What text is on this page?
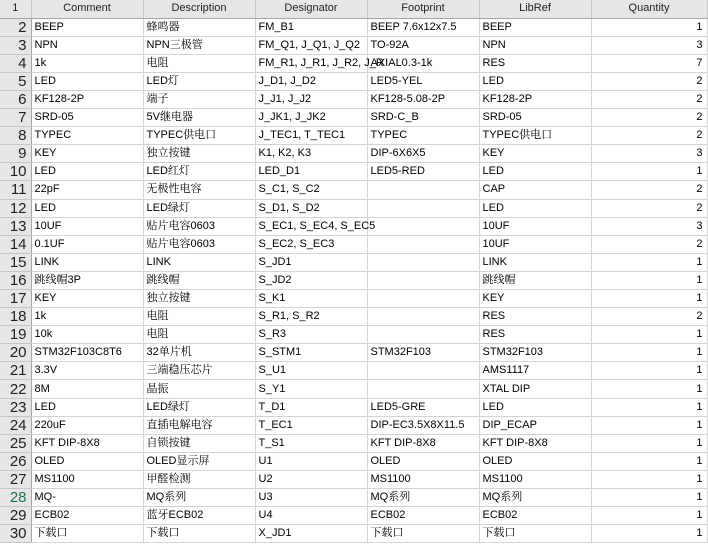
1	Comment	Description	Designator	Footprint	LibRef	Quantity
2	BEEP	蜂鸣器	FM_B1	BEEP 7.6x12x7.5	BEEP	1
3	NPN	NPN三极管	FM_Q1, J_Q1, J_Q2	TO-92A	NPN	3
4	1k	电阻	FM_R1, J_R1, J_R2, J_R	AXIAL0.3-1k	RES	7
5	LED	LED灯	J_D1, J_D2	LED5-YEL	LED	2
6	KF128-2P	端子	J_J1, J_J2	KF128-5.08-2P	KF128-2P	2
7	SRD-05	5V继电器	J_JK1, J_JK2	SRD-C_B	SRD-05	2
8	TYPEC	TYPEC供电口	J_TEC1, T_TEC1	TYPEC	TYPEC供电口	2
9	KEY	独立按键	K1, K2, K3	DIP-6X6X5	KEY	3
10	LED	LED红灯	LED_D1	LED5-RED	LED	1
11	22pF	无极性电容	S_C1, S_C2		CAP	2
12	LED	LED绿灯	S_D1, S_D2		LED	2
13	10UF	贴片电容0603	S_EC1, S_EC4, S_EC5		10UF	3
14	0.1UF	贴片电容0603	S_EC2, S_EC3		10UF	2
15	LINK	LINK	S_JD1		LINK	1
16	跳线帽3P	跳线帽	S_JD2		跳线帽	1
17	KEY	独立按键	S_K1		KEY	1
18	1k	电阻	S_R1, S_R2		RES	2
19	10k	电阻	S_R3		RES	1
20	STM32F103C8T6	32单片机	S_STM1	STM32F103	STM32F103	1
21	3.3V	三端稳压芯片	S_U1		AMS1117	1
22	8M	晶振	S_Y1		XTAL DIP	1
23	LED	LED绿灯	T_D1	LED5-GRE	LED	1
24	220uF	直插电解电容	T_EC1	DIP-EC3.5X8X11.5	DIP_ECAP	1
25	KFT DIP-8X8	自锁按键	T_S1	KFT DIP-8X8	KFT DIP-8X8	1
26	OLED	OLED显示屏	U1	OLED	OLED	1
27	MS1100	甲醛检测	U2	MS1100	MS1100	1
28	MQ-	MQ系列	U3	MQ系列	MQ系列	1
29	ECB02	蓝牙ECB02	U4	ECB02	ECB02	1
30	下载口	下载口	X_JD1	下载口	下载口	1
